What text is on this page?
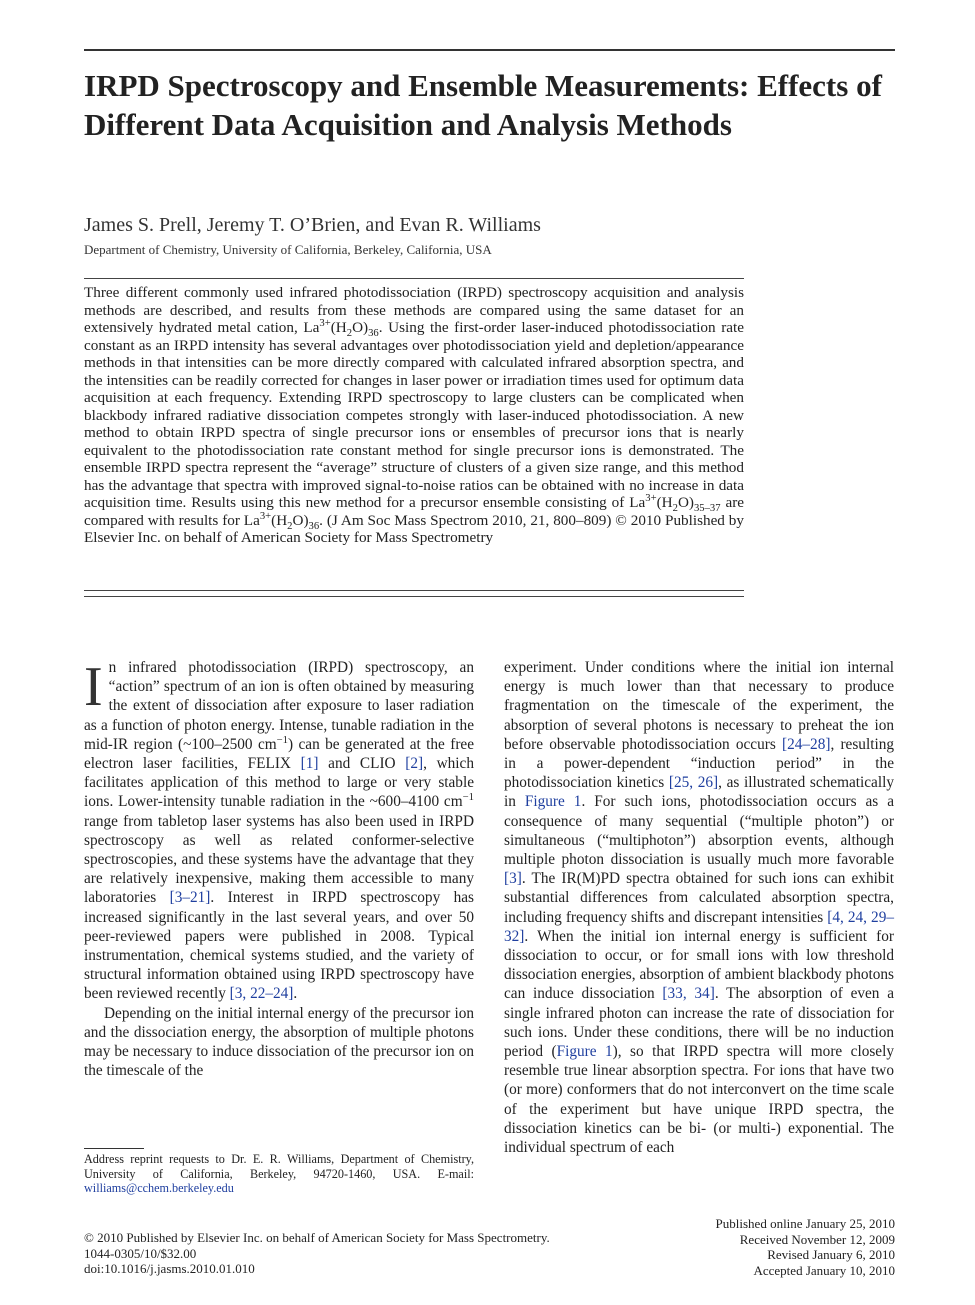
IRPD Spectroscopy and Ensemble Measurements: Effects of Different Data Acquisition and Analysis Methods
James S. Prell, Jeremy T. O’Brien, and Evan R. Williams
Department of Chemistry, University of California, Berkeley, California, USA
Three different commonly used infrared photodissociation (IRPD) spectroscopy acquisition and analysis methods are described, and results from these methods are compared using the same dataset for an extensively hydrated metal cation, $La^{3+}(H_2O)_{36}$. Using the first-order laser-induced photodissociation rate constant as an IRPD intensity has several advantages over photodissociation yield and depletion/appearance methods in that intensities can be more directly compared with calculated infrared absorption spectra, and the intensities can be readily corrected for changes in laser power or irradiation times used for optimum data acquisition at each frequency. Extending IRPD spectroscopy to large clusters can be complicated when blackbody infrared radiative dissociation competes strongly with laser-induced photodissociation. A new method to obtain IRPD spectra of single precursor ions or ensembles of precursor ions that is nearly equivalent to the photodissociation rate constant method for single precursor ions is demonstrated. The ensemble IRPD spectra represent the “average” structure of clusters of a given size range, and this method has the advantage that spectra with improved signal-to-noise ratios can be obtained with no increase in data acquisition time. Results using this new method for a precursor ensemble consisting of $La^{3+}(H_2O)_{35-37}$ are compared with results for $La^{3+}(H_2O)_{36}$. (J Am Soc Mass Spectrom 2010, 21, 800–809) © 2010 Published by Elsevier Inc. on behalf of American Society for Mass Spectrometry

In infrared photodissociation (IRPD) spectroscopy, an “action” spectrum of an ion is often obtained by measuring the extent of dissociation after exposure to laser radiation as a function of photon energy. Intense, tunable radiation in the mid-IR region (~100–2500 $cm^{-1}$) can be generated at the free electron laser facilities, FELIX [1] and CLIO [2], which facilitates application of this method to large or very stable ions. Lower-intensity tunable radiation in the ~600–4100 $cm^{-1}$ range from tabletop laser systems has also been used in IRPD spectroscopy as well as related conformer-selective spectroscopies, and these systems have the advantage that they are relatively inexpensive, making them accessible to many laboratories [3–21]. Interest in IRPD spectroscopy has increased significantly in the last several years, and over 50 peer-reviewed papers were published in 2008. Typical instrumentation, chemical systems studied, and the variety of structural information obtained using IRPD spectroscopy have been reviewed recently [3, 22–24].

Depending on the initial internal energy of the precursor ion and the dissociation energy, the absorption of multiple photons may be necessary to induce dissociation of the precursor ion on the timescale of the

experiment. Under conditions where the initial ion internal energy is much lower than that necessary to produce fragmentation on the timescale of the experiment, the absorption of several photons is necessary to preheat the ion before observable photodissociation occurs [24–28], resulting in a power-dependent “induction period” in the photodissociation kinetics [25, 26], as illustrated schematically in Figure 1. For such ions, photodissociation occurs as a consequence of many sequential (“multiple photon”) or simultaneous (“multiphoton”) absorption events, although multiple photon dissociation is usually much more favorable [3]. The IR(M)PD spectra obtained for such ions can exhibit substantial differences from calculated absorption spectra, including frequency shifts and discrepant intensities [4, 24, 29–32]. When the initial ion internal energy is sufficient for dissociation to occur, or for small ions with low threshold dissociation energies, absorption of ambient blackbody photons can induce dissociation [33, 34]. The absorption of even a single infrared photon can increase the rate of dissociation for such ions. Under these conditions, there will be no induction period (Figure 1), so that IRPD spectra will more closely resemble true linear absorption spectra. For ions that have two (or more) conformers that do not interconvert on the time scale of the experiment but have unique IRPD spectra, the dissociation kinetics can be bi- (or multi-) exponential. The individual spectrum of each

Address reprint requests to Dr. E. R. Williams, Department of Chemistry, University of California, Berkeley, 94720-1460, USA. E-mail: williams@cchem.berkeley.edu
© 2010 Published by Elsevier Inc. on behalf of American Society for Mass Spectrometry.
1044-0305/10/$32.00
doi:10.1016/j.jasms.2010.01.010
Published online January 25, 2010
Received November 12, 2009
Revised January 6, 2010
Accepted January 10, 2010
